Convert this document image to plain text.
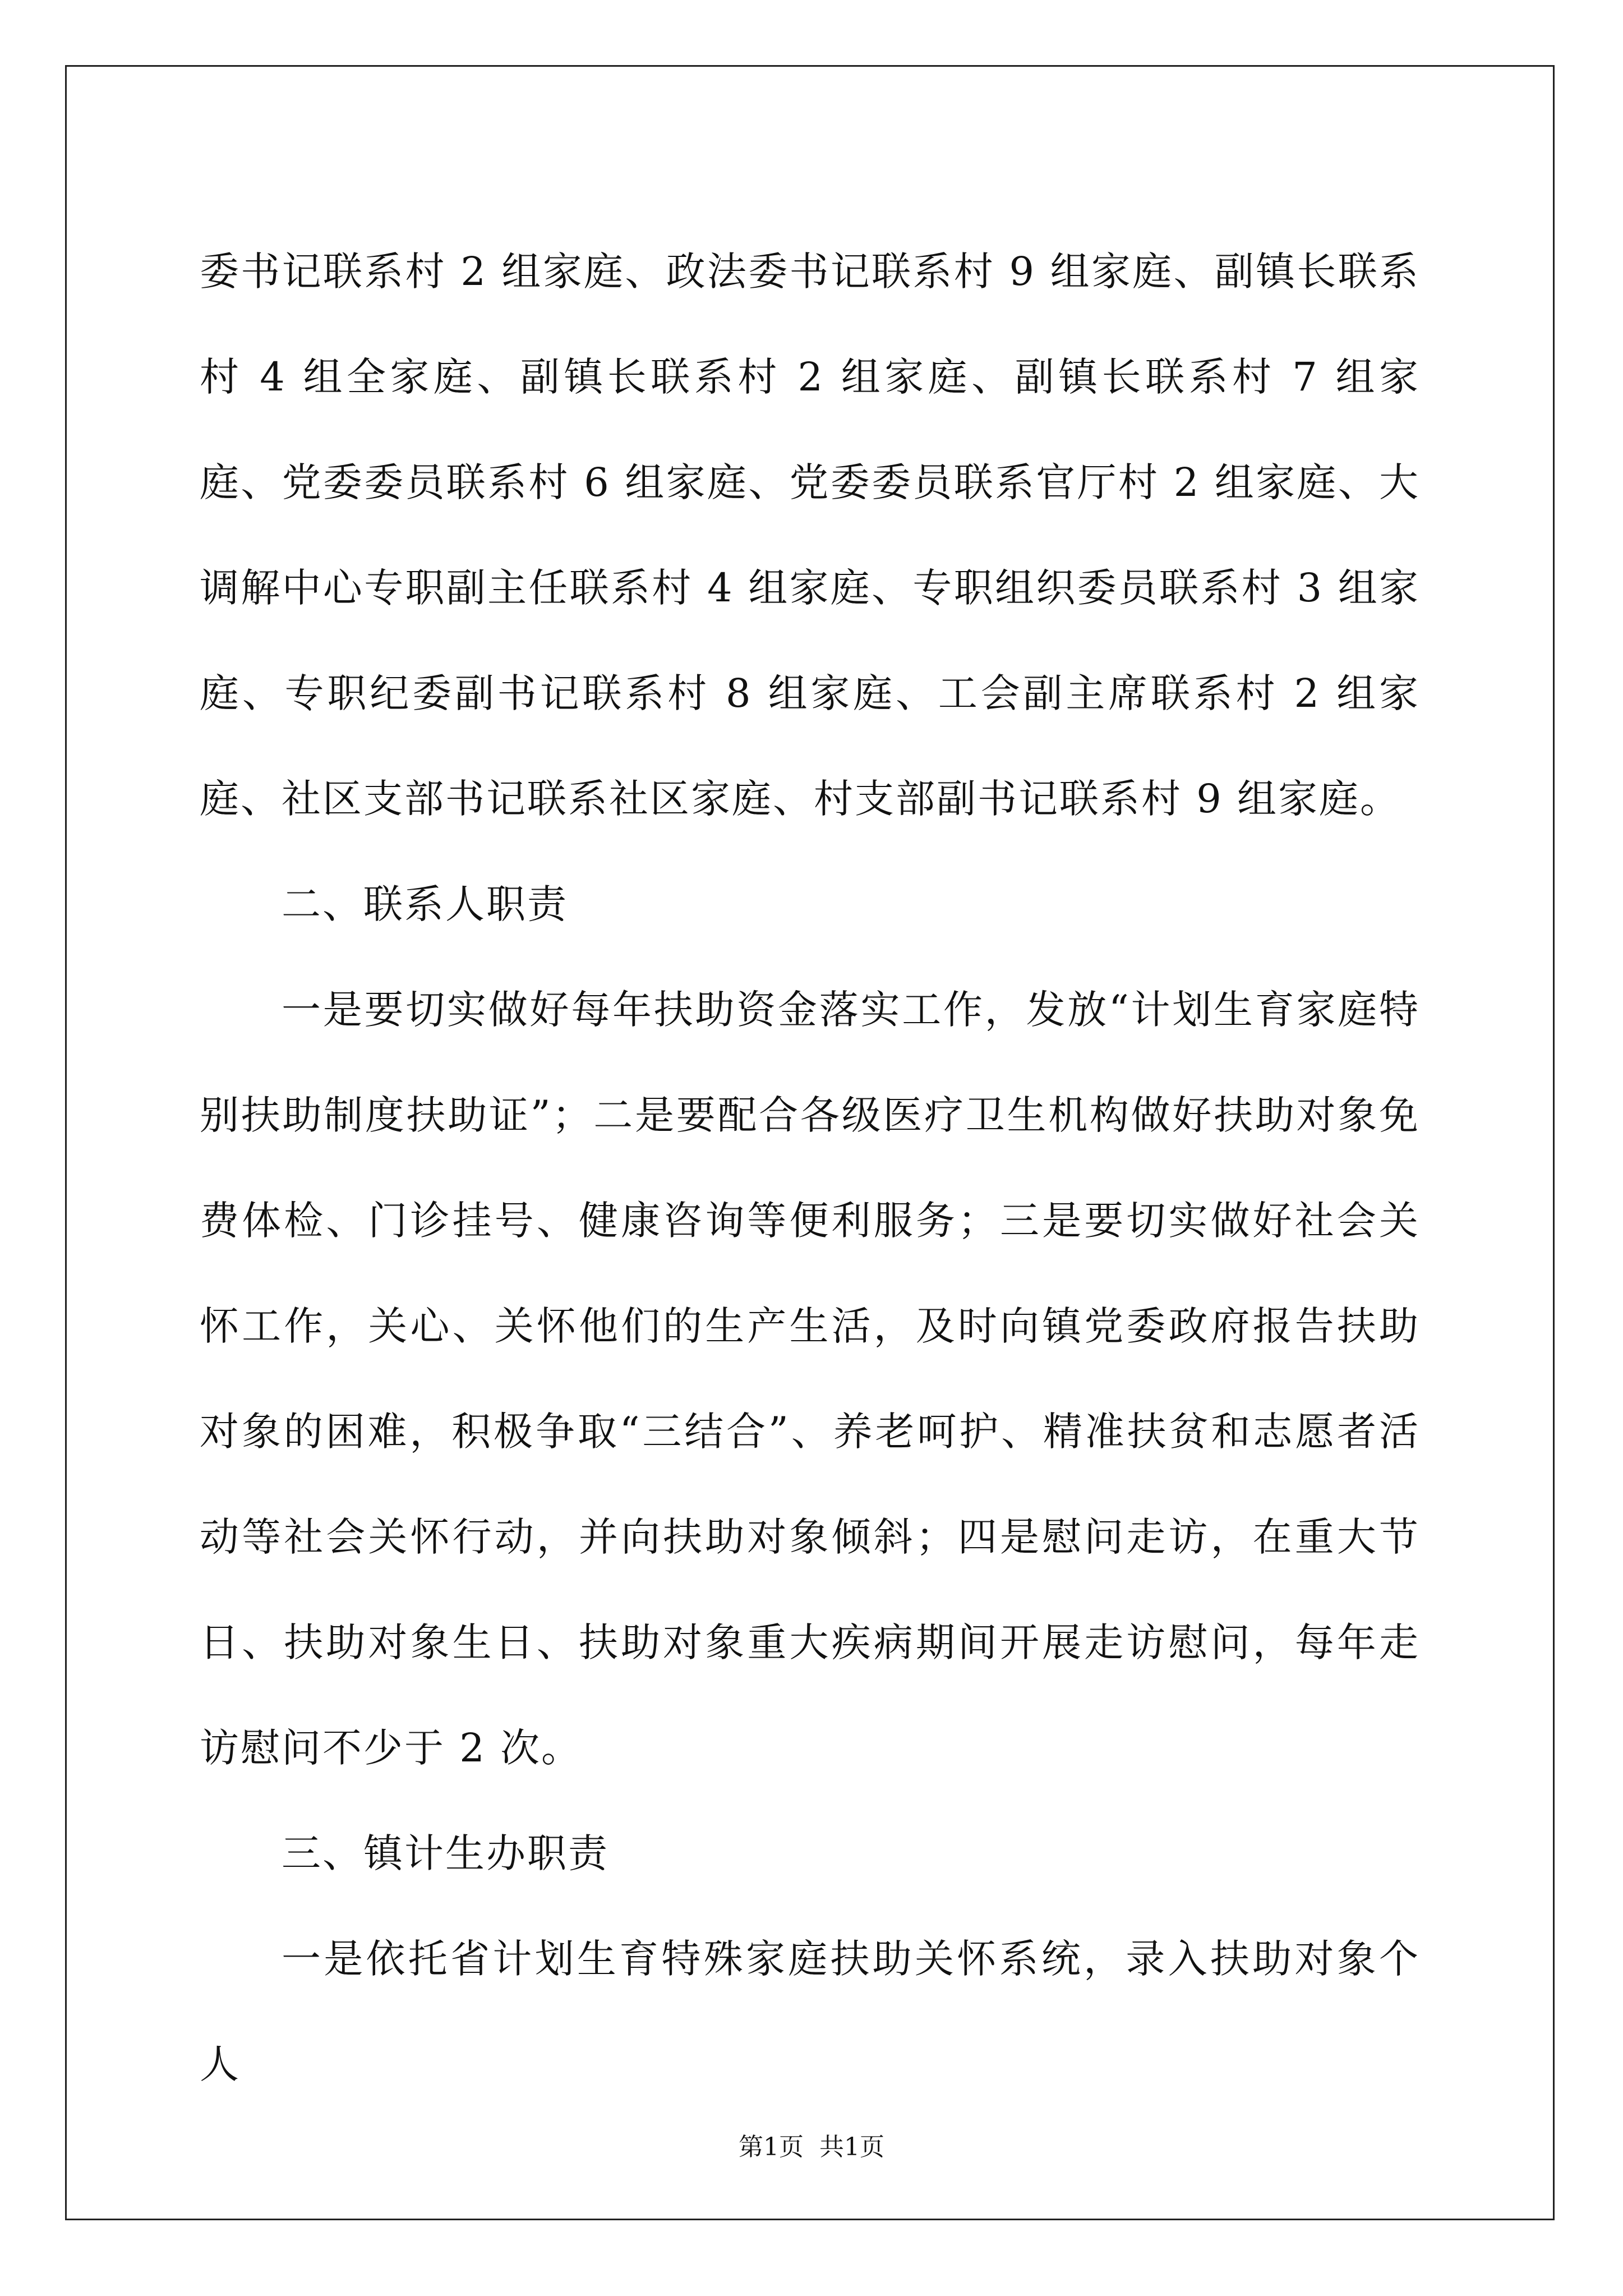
委书记联系村 2 组家庭、政法委书记联系村 9 组家庭、副镇长联系村 4 组全家庭、副镇长联系村 2 组家庭、副镇长联系村 7 组家庭、党委委员联系村 6 组家庭、党委委员联系官厅村 2 组家庭、大调解中心专职副主任联系村 4 组家庭、专职组织委员联系村 3 组家庭、专职纪委副书记联系村 8 组家庭、工会副主席联系村 2 组家庭、社区支部书记联系社区家庭、村支部副书记联系村 9 组家庭。

二、联系人职责

一是要切实做好每年扶助资金落实工作，发放“计划生育家庭特别扶助制度扶助证”；二是要配合各级医疗卫生机构做好扶助对象免费体检、门诊挂号、健康咨询等便利服务；三是要切实做好社会关怀工作，关心、关怀他们的生产生活，及时向镇党委政府报告扶助对象的困难，积极争取“三结合”、养老呵护、精准扶贫和志愿者活动等社会关怀行动，并向扶助对象倾斜；四是慰问走访，在重大节日、扶助对象生日、扶助对象重大疾病期间开展走访慰问，每年走访慰问不少于 2 次。

三、镇计生办职责

一是依托省计划生育特殊家庭扶助关怀系统，录入扶助对象个人

第1页  共1页
